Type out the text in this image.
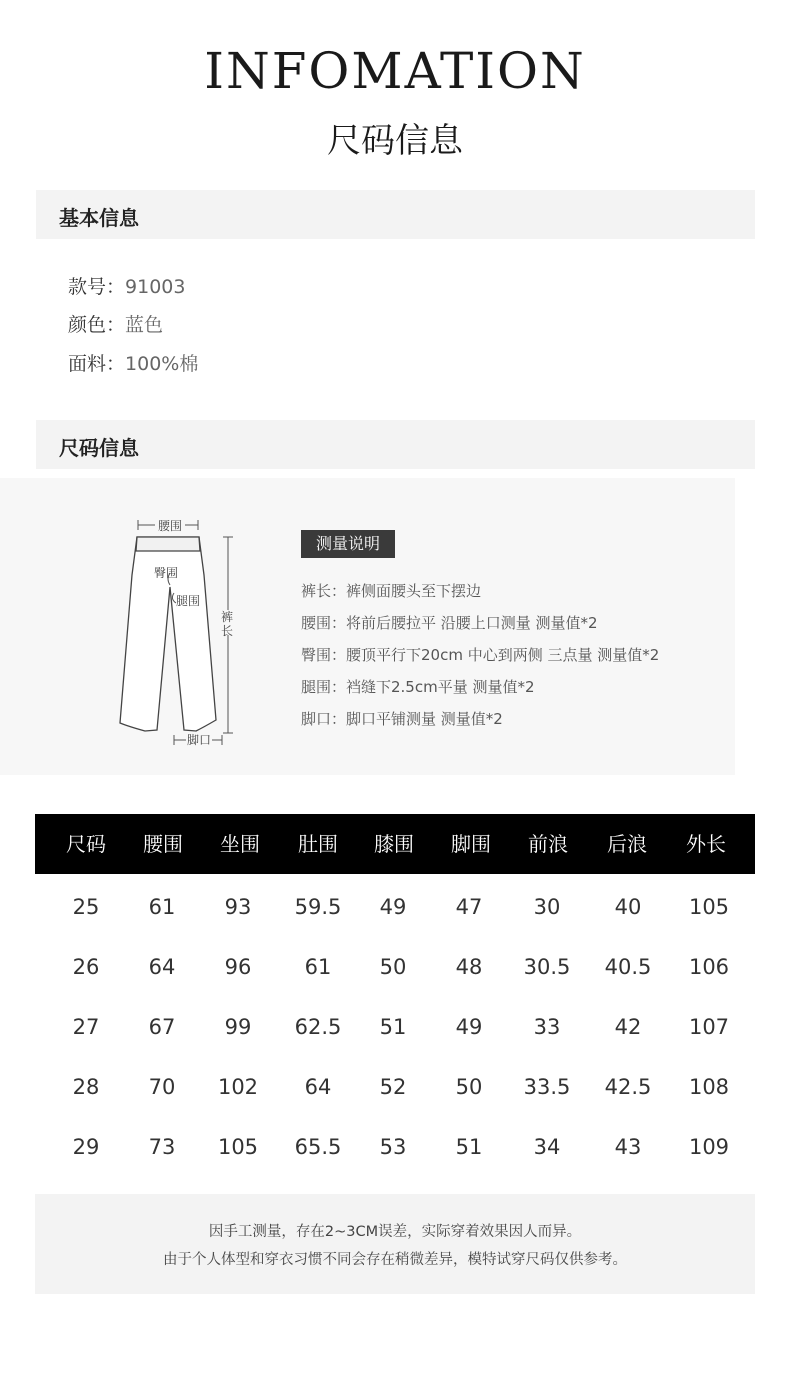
INFOMATION
尺码信息
基本信息
款号：91003
颜色：蓝色
面料：100%棉
尺码信息
腰围
裤
长
臀围
腿围
脚口
测量说明
裤长：裤侧面腰头至下摆边
腰围：将前后腰拉平 沿腰上口测量 测量值*2
臀围：腰顶平行下20cm 中心到两侧 三点量 测量值*2
腿围：裆缝下2.5cm平量 测量值*2
脚口：脚口平铺测量 测量值*2
尺码	腰围	坐围	肚围	膝围	脚围	前浪	后浪	外长
25	61	93	59.5	49	47	30	40	105
26	64	96	61	50	48	30.5	40.5	106
27	67	99	62.5	51	49	33	42	107
28	70	102	64	52	50	33.5	42.5	108
29	73	105	65.5	53	51	34	43	109
因手工测量，存在2~3CM误差，实际穿着效果因人而异。
由于个人体型和穿衣习惯不同会存在稍微差异，模特试穿尺码仅供参考。
